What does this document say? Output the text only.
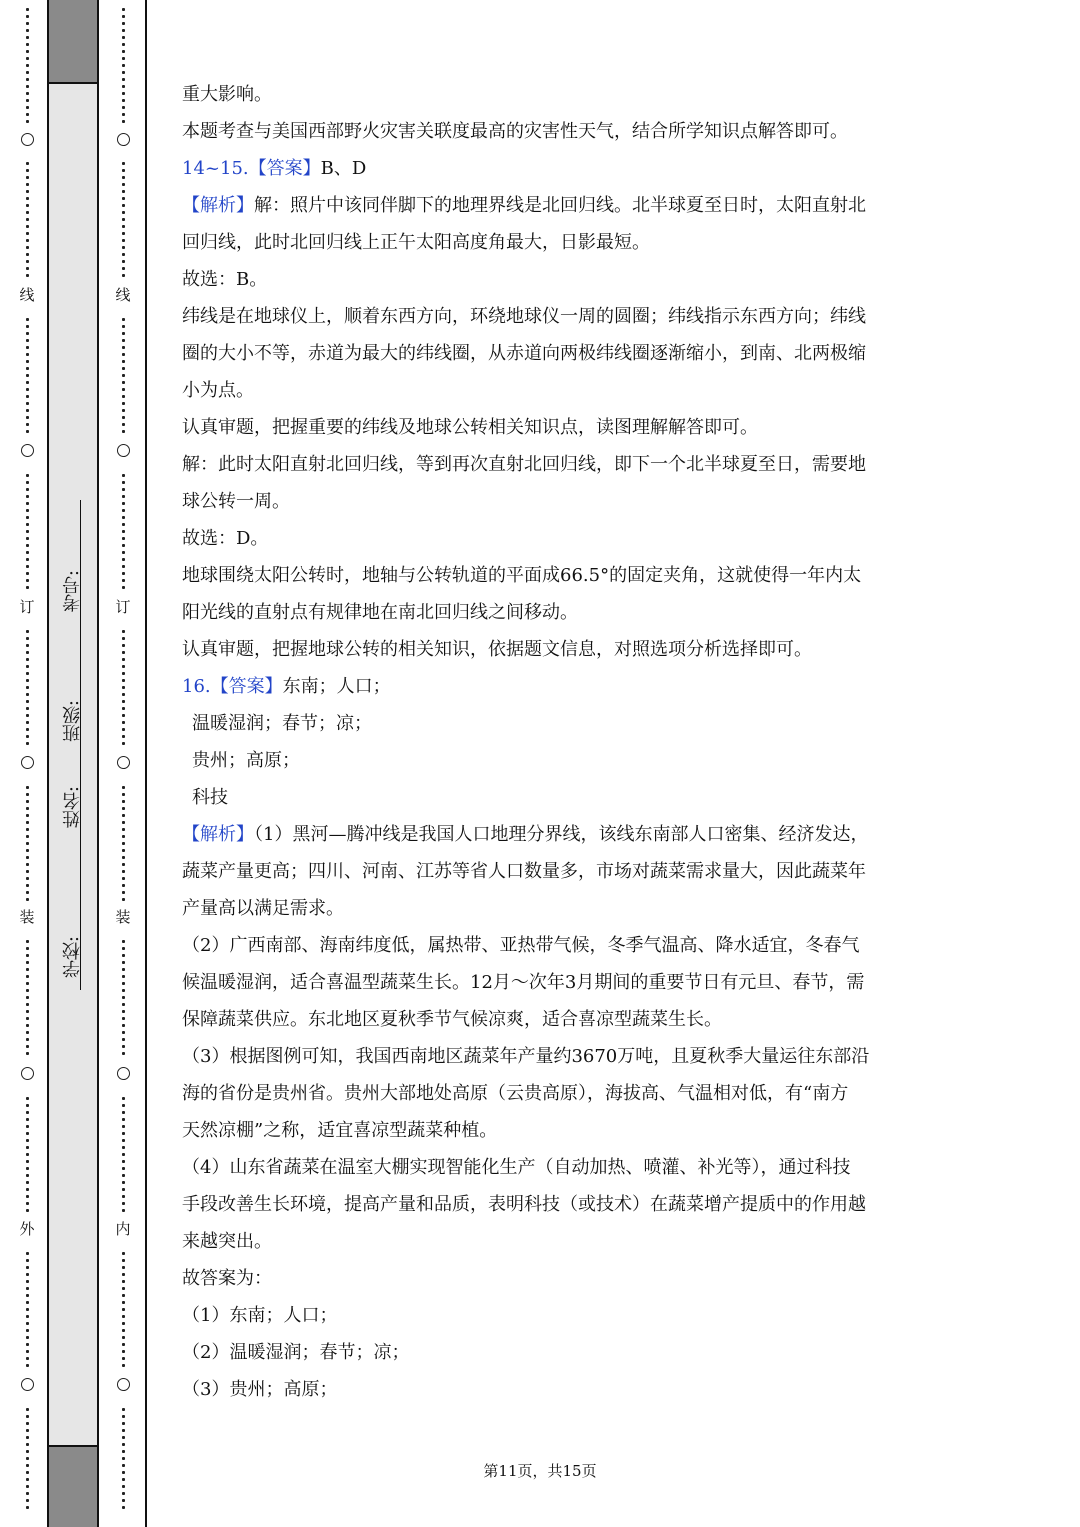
线
订
装
外
学校:
姓名:
班级:
考号:
线
订
装
内

重大影响。

本题考查与美国西部野火灾害关联度最高的灾害性天气，结合所学知识点解答即可。

14~15.【答案】B、D

【解析】解：照片中该同伴脚下的地理界线是北回归线。北半球夏至日时，太阳直射北

回归线，此时北回归线上正午太阳高度角最大，日影最短。

故选：B。

纬线是在地球仪上，顺着东西方向，环绕地球仪一周的圆圈；纬线指示东西方向；纬线

圈的大小不等，赤道为最大的纬线圈，从赤道向两极纬线圈逐渐缩小，到南、北两极缩

小为点。

认真审题，把握重要的纬线及地球公转相关知识点，读图理解解答即可。

解：此时太阳直射北回归线，等到再次直射北回归线，即下一个北半球夏至日，需要地

球公转一周。

故选：D。

地球围绕太阳公转时，地轴与公转轨道的平面成66.5°的固定夹角，这就使得一年内太

阳光线的直射点有规律地在南北回归线之间移动。

认真审题，把握地球公转的相关知识，依据题文信息，对照选项分析选择即可。

16.【答案】东南；人口；

温暖湿润；春节；凉；

贵州；高原；

科技

【解析】（1）黑河—腾冲线是我国人口地理分界线，该线东南部人口密集、经济发达，

蔬菜产量更高；四川、河南、江苏等省人口数量多，市场对蔬菜需求量大，因此蔬菜年

产量高以满足需求。

（2）广西南部、海南纬度低，属热带、亚热带气候，冬季气温高、降水适宜，冬春气

候温暖湿润，适合喜温型蔬菜生长。12月～次年3月期间的重要节日有元旦、春节，需

保障蔬菜供应。东北地区夏秋季节气候凉爽，适合喜凉型蔬菜生长。

（3）根据图例可知，我国西南地区蔬菜年产量约3670万吨，且夏秋季大量运往东部沿

海的省份是贵州省。贵州大部地处高原（云贵高原），海拔高、气温相对低，有“南方

天然凉棚”之称，适宜喜凉型蔬菜种植。

（4）山东省蔬菜在温室大棚实现智能化生产（自动加热、喷灌、补光等），通过科技

手段改善生长环境，提高产量和品质，表明科技（或技术）在蔬菜增产提质中的作用越

来越突出。

故答案为：

（1）东南；人口；

（2）温暖湿润；春节；凉；

（3）贵州；高原；

第11页，共15页
